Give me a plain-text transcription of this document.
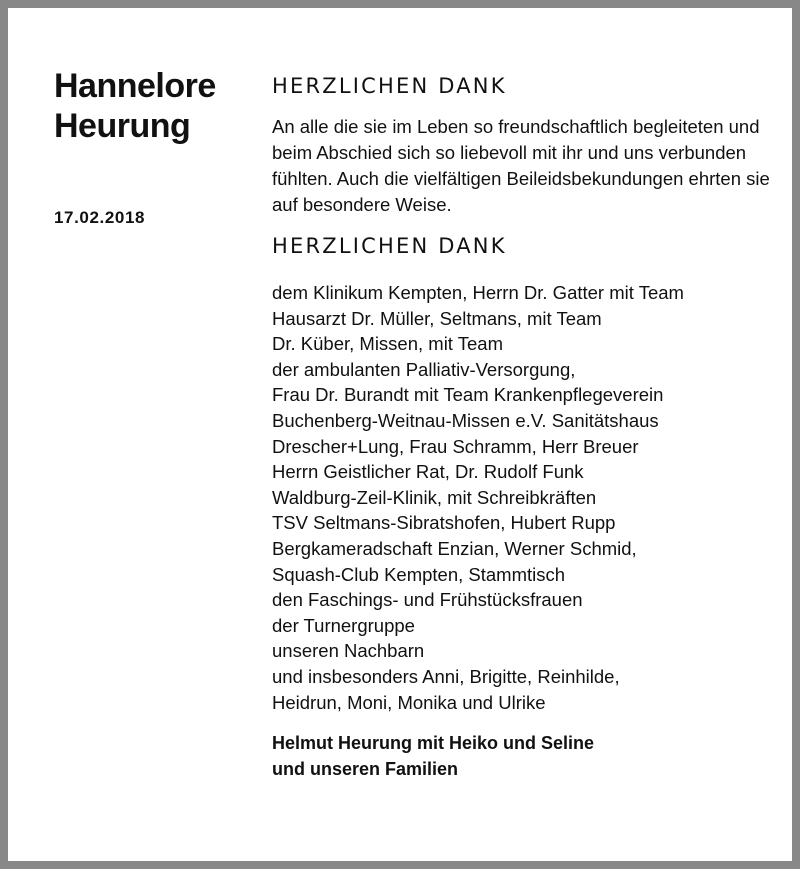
Hannelore
Heurung
17.02.2018
HERZLICHEN DANK

An alle die sie im Leben so freundschaftlich begleiteten und beim Abschied sich so liebevoll mit ihr und uns verbunden fühlten. Auch die vielfältigen Beileidsbekundungen ehrten sie auf besondere Weise.

HERZLICHEN DANK
dem Klinikum Kempten, Herrn Dr. Gatter mit Team
Hausarzt Dr. Müller, Seltmans, mit Team
Dr. Küber, Missen, mit Team
der ambulanten Palliativ-Versorgung,
Frau Dr. Burandt mit Team Krankenpflegeverein
Buchenberg-Weitnau-Missen e.V. Sanitätshaus
Drescher+Lung, Frau Schramm, Herr Breuer
Herrn Geistlicher Rat, Dr. Rudolf Funk
Waldburg-Zeil-Klinik, mit Schreibkräften
TSV Seltmans-Sibratshofen, Hubert Rupp
Bergkameradschaft Enzian, Werner Schmid,
Squash-Club Kempten, Stammtisch
den Faschings- und Frühstücksfrauen
der Turnergruppe
unseren Nachbarn
und insbesonders Anni, Brigitte, Reinhilde,
Heidrun, Moni, Monika und Ulrike
Helmut Heurung mit Heiko und Seline
und unseren Familien
